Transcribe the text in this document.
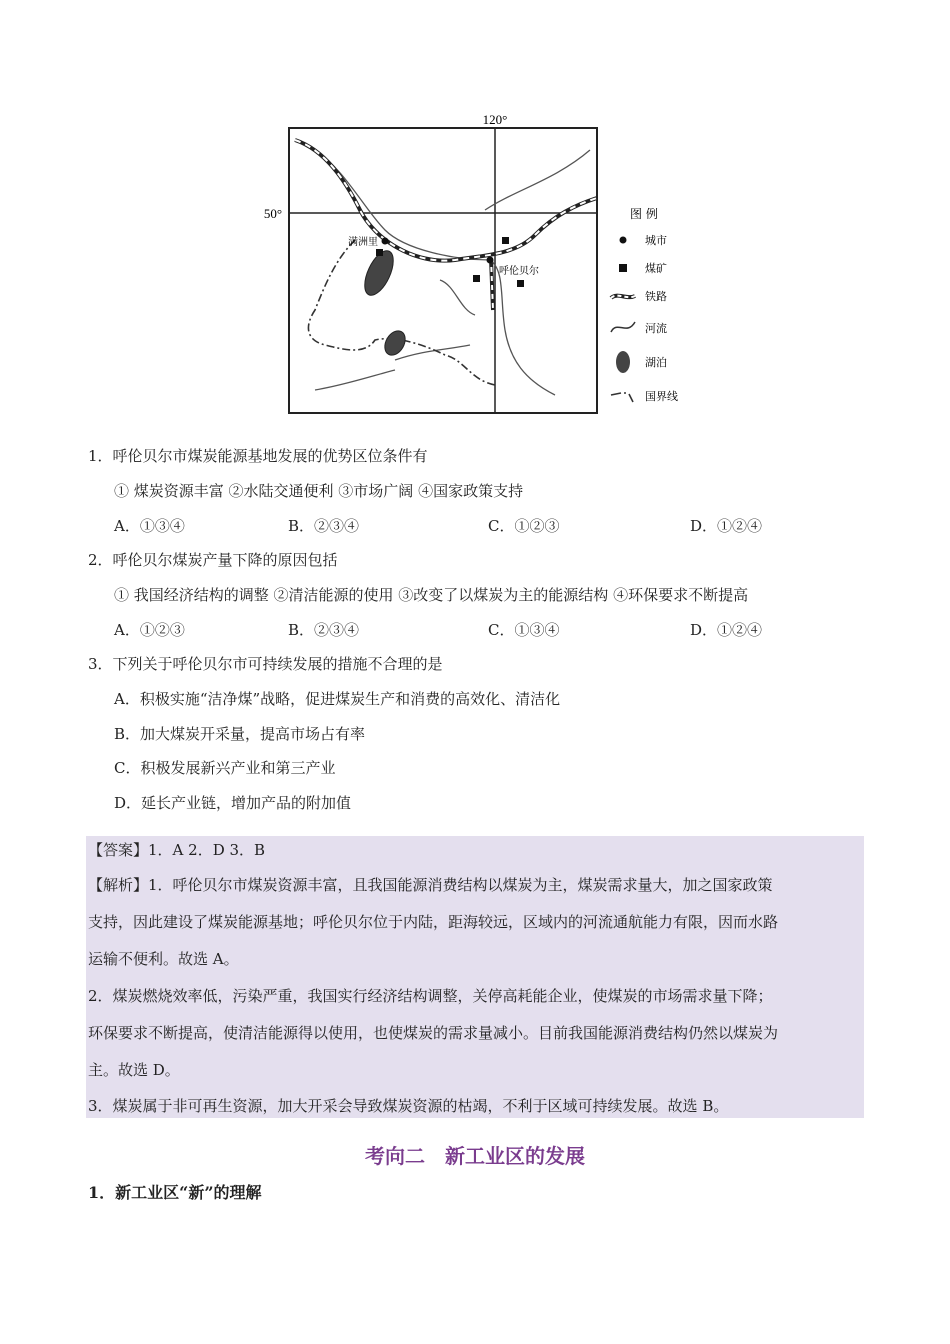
120°
50°
满洲里
呼伦贝尔
图 例
城市
煤矿
铁路
河流
湖泊
国界线
1．呼伦贝尔市煤炭能源基地发展的优势区位条件有
① 煤炭资源丰富 ②水陆交通便利 ③市场广阔 ④国家政策支持
A．①③④	B．②③④	C．①②③	D．①②④
2．呼伦贝尔煤炭产量下降的原因包括
① 我国经济结构的调整 ②清洁能源的使用 ③改变了以煤炭为主的能源结构 ④环保要求不断提高
A．①②③	B．②③④	C．①③④	D．①②④
3．下列关于呼伦贝尔市可持续发展的措施不合理的是
A．积极实施“洁净煤”战略，促进煤炭生产和消费的高效化、清洁化
B．加大煤炭开采量，提高市场占有率
C．积极发展新兴产业和第三产业
D．延长产业链，增加产品的附加值
【答案】1．A 2．D 3．B
【解析】1．呼伦贝尔市煤炭资源丰富，且我国能源消费结构以煤炭为主，煤炭需求量大，加之国家政策
支持，因此建设了煤炭能源基地；呼伦贝尔位于内陆，距海较远，区域内的河流通航能力有限，因而水路
运输不便利。故选 A。
2．煤炭燃烧效率低，污染严重，我国实行经济结构调整，关停高耗能企业，使煤炭的市场需求量下降；
环保要求不断提高，使清洁能源得以使用，也使煤炭的需求量减小。目前我国能源消费结构仍然以煤炭为
主。故选 D。
3．煤炭属于非可再生资源，加大开采会导致煤炭资源的枯竭，不利于区域可持续发展。故选 B。
考向二　新工业区的发展
1．新工业区“新”的理解
